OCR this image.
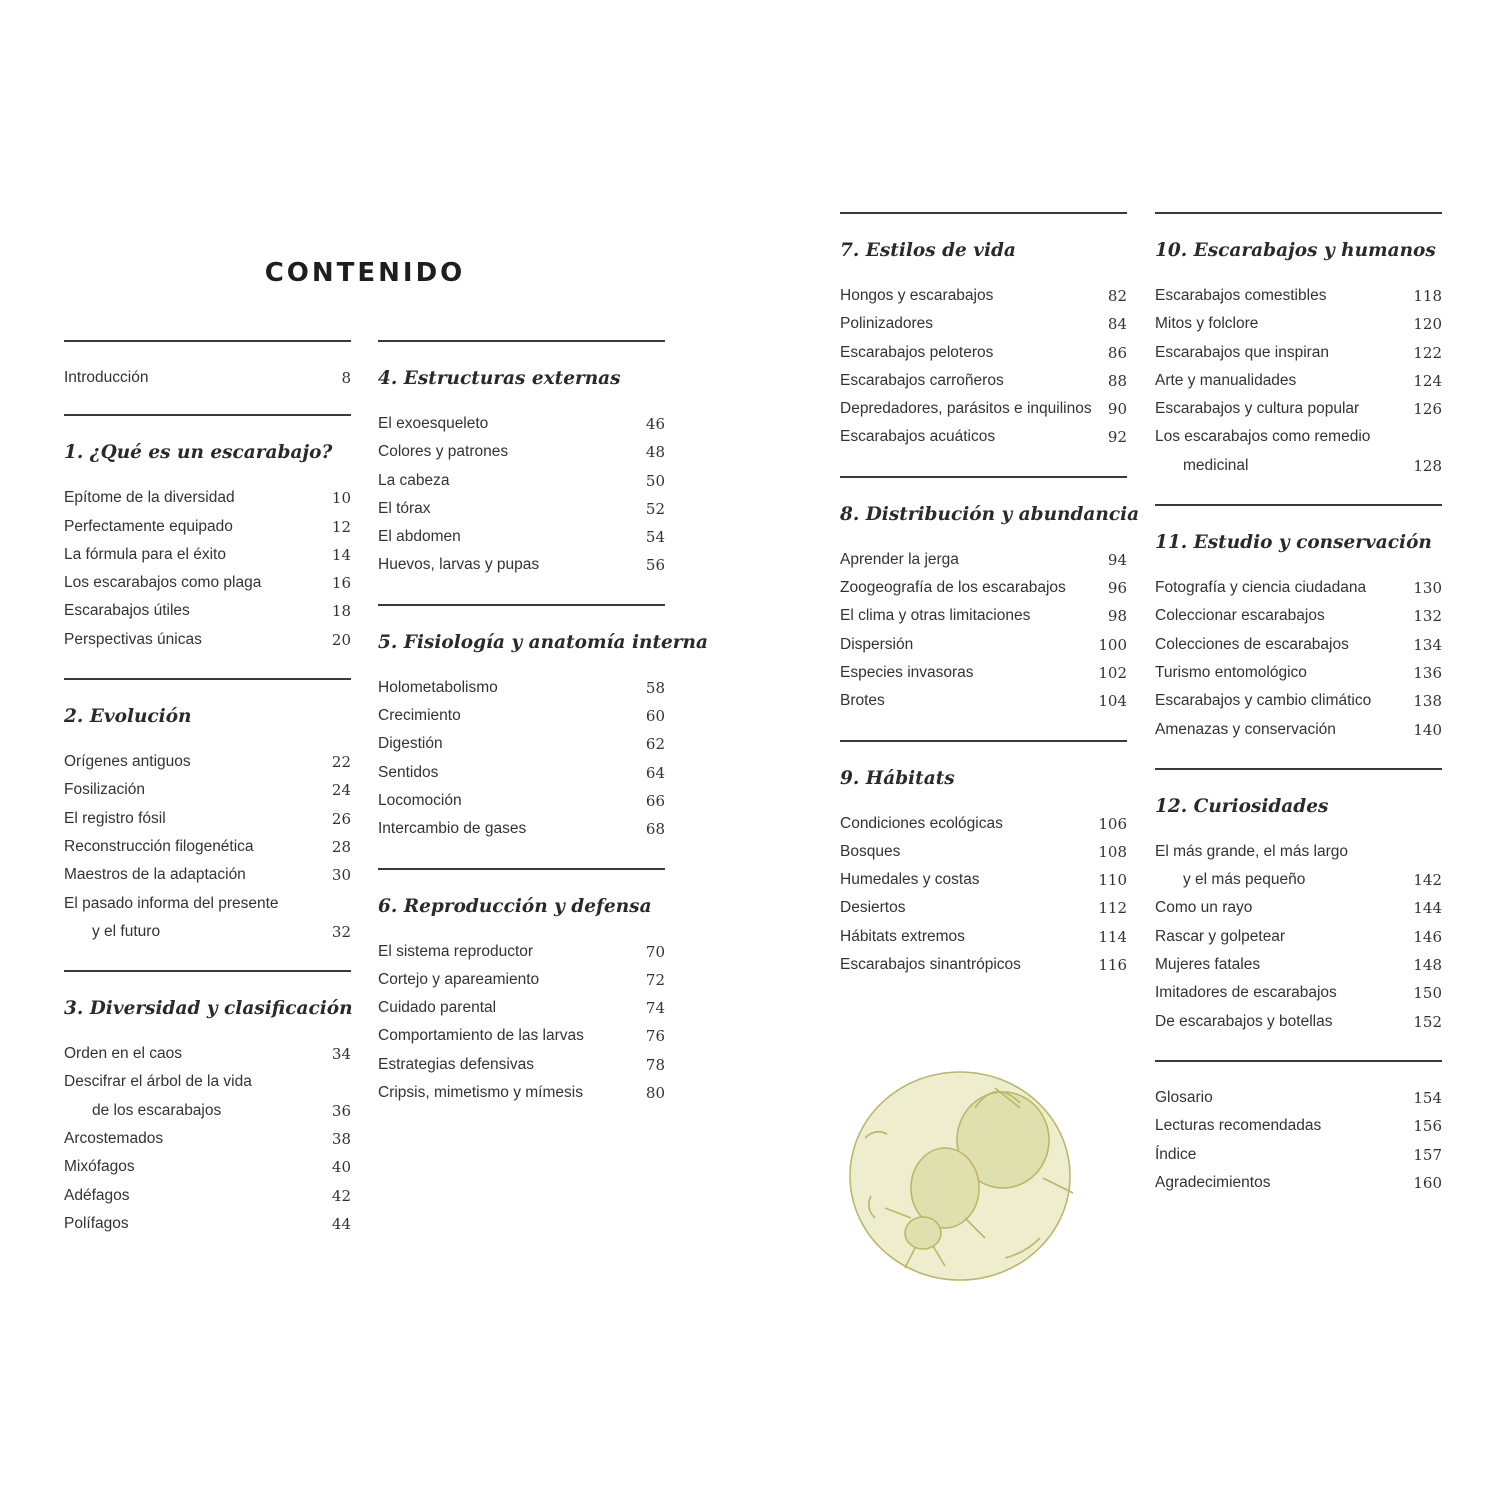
CONTENIDO
Introducción	8
1. ¿Qué es un escarabajo?
Epítome de la diversidad	10
Perfectamente equipado	12
La fórmula para el éxito	14
Los escarabajos como plaga	16
Escarabajos útiles	18
Perspectivas únicas	20
2. Evolución
Orígenes antiguos	22
Fosilización	24
El registro fósil	26
Reconstrucción filogenética	28
Maestros de la adaptación	30
El pasado informa del presente
y el futuro	32
3. Diversidad y clasificación
Orden en el caos	34
Descifrar el árbol de la vida
de los escarabajos	36
Arcostemados	38
Mixófagos	40
Adéfagos	42
Polífagos	44
4. Estructuras externas
El exoesqueleto	46
Colores y patrones	48
La cabeza	50
El tórax	52
El abdomen	54
Huevos, larvas y pupas	56
5. Fisiología y anatomía interna
Holometabolismo	58
Crecimiento	60
Digestión	62
Sentidos	64
Locomoción	66
Intercambio de gases	68
6. Reproducción y defensa
El sistema reproductor	70
Cortejo y apareamiento	72
Cuidado parental	74
Comportamiento de las larvas	76
Estrategias defensivas	78
Cripsis, mimetismo y mímesis	80
7. Estilos de vida
Hongos y escarabajos	82
Polinizadores	84
Escarabajos peloteros	86
Escarabajos carroñeros	88
Depredadores, parásitos e inquilinos	90
Escarabajos acuáticos	92
8. Distribución y abundancia
Aprender la jerga	94
Zoogeografía de los escarabajos	96
El clima y otras limitaciones	98
Dispersión	100
Especies invasoras	102
Brotes	104
9. Hábitats
Condiciones ecológicas	106
Bosques	108
Humedales y costas	110
Desiertos	112
Hábitats extremos	114
Escarabajos sinantrópicos	116
10. Escarabajos y humanos
Escarabajos comestibles	118
Mitos y folclore	120
Escarabajos que inspiran	122
Arte y manualidades	124
Escarabajos y cultura popular	126
Los escarabajos como remedio
medicinal	128
11. Estudio y conservación
Fotografía y ciencia ciudadana	130
Coleccionar escarabajos	132
Colecciones de escarabajos	134
Turismo entomológico	136
Escarabajos y cambio climático	138
Amenazas y conservación	140
12. Curiosidades
El más grande, el más largo
y el más pequeño	142
Como un rayo	144
Rascar y golpetear	146
Mujeres fatales	148
Imitadores de escarabajos	150
De escarabajos y botellas	152
Glosario	154
Lecturas recomendadas	156
Índice	157
Agradecimientos	160
